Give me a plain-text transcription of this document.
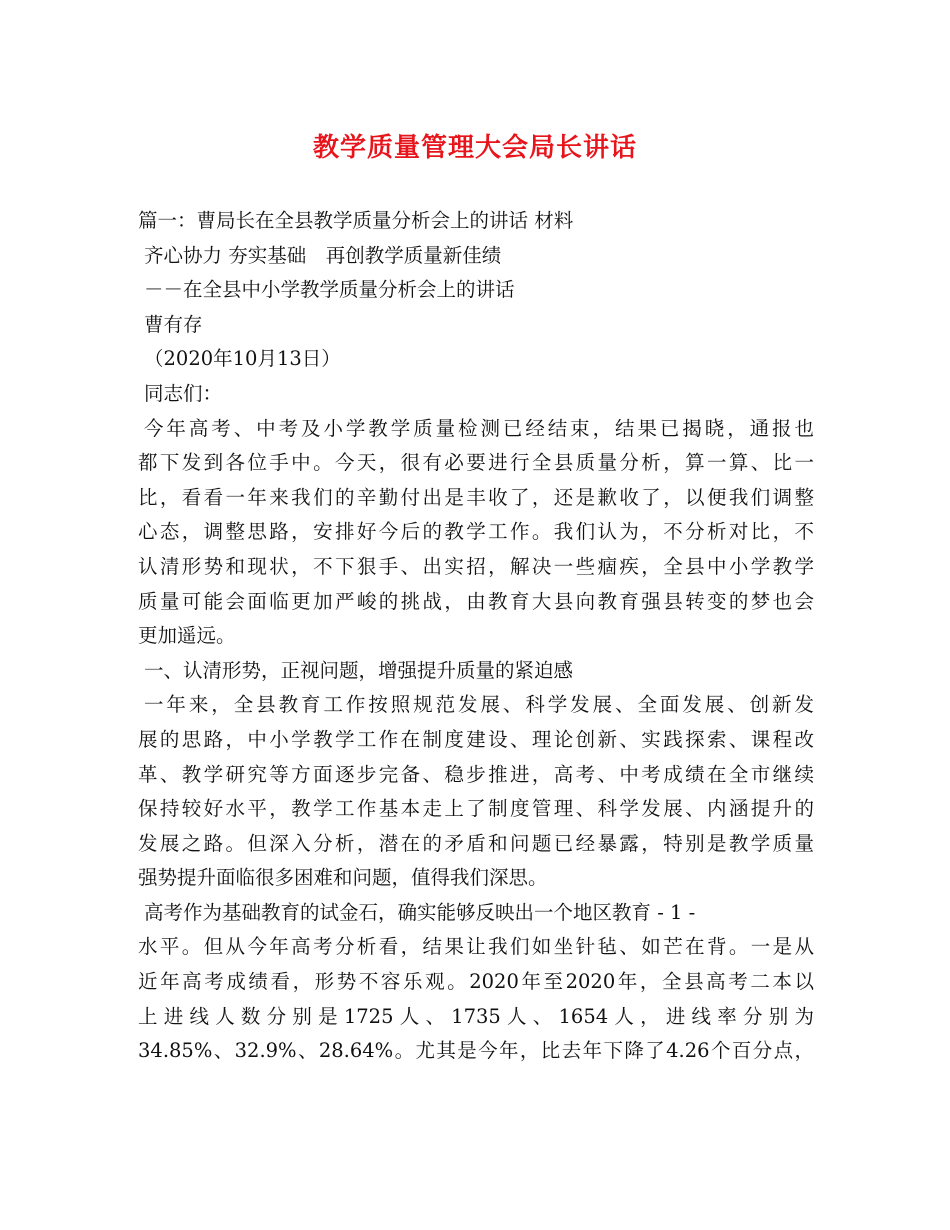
教学质量管理大会局长讲话
篇一：曹局长在全县教学质量分析会上的讲话 材料
齐心协力 夯实基础　再创教学质量新佳绩
－－在全县中小学教学质量分析会上的讲话
曹有存
（2020年10月13日）
同志们：
今年高考、中考及小学教学质量检测已经结束，结果已揭晓，通报也
都下发到各位手中。今天，很有必要进行全县质量分析，算一算、比一
比，看看一年来我们的辛勤付出是丰收了，还是歉收了，以便我们调整
心态，调整思路，安排好今后的教学工作。我们认为，不分析对比，不
认清形势和现状，不下狠手、出实招，解决一些痼疾，全县中小学教学
质量可能会面临更加严峻的挑战，由教育大县向教育强县转变的梦也会
更加遥远。
一、认清形势，正视问题，增强提升质量的紧迫感
一年来，全县教育工作按照规范发展、科学发展、全面发展、创新发
展的思路，中小学教学工作在制度建设、理论创新、实践探索、课程改
革、教学研究等方面逐步完备、稳步推进，高考、中考成绩在全市继续
保持较好水平，教学工作基本走上了制度管理、科学发展、内涵提升的
发展之路。但深入分析，潜在的矛盾和问题已经暴露，特别是教学质量
强势提升面临很多困难和问题，值得我们深思。
高考作为基础教育的试金石，确实能够反映出一个地区教育 - 1 -
水平。但从今年高考分析看，结果让我们如坐针毡、如芒在背。一是从
近年高考成绩看，形势不容乐观。2020年至2020年，全县高考二本以
上进线人数分别是1725人、1735人、1654人，进线率分别为
34.85%、32.9%、28.64%。尤其是今年，比去年下降了4.26个百分点，
